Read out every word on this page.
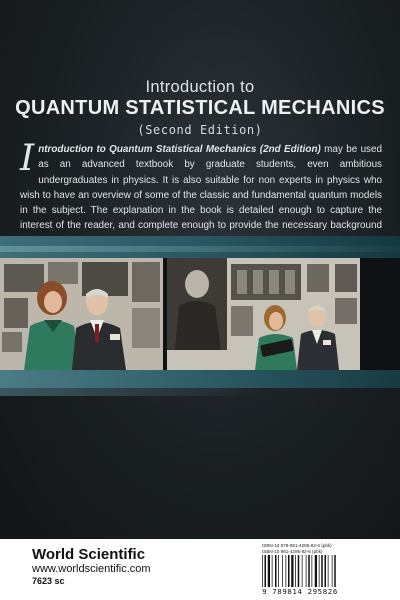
Introduction to
QUANTUM STATISTICAL MECHANICS
(Second Edition)

Introduction to Quantum Statistical Mechanics (2nd Edition) may be used as an advanced textbook by graduate students, even ambitious undergraduates in physics. It is also suitable for non experts in physics who wish to have an overview of some of the classic and fundamental quantum models in the subject. The explanation in the book is detailed enough to capture the interest of the reader, and complete enough to provide the necessary background

World Scientific
www.worldscientific.com
7623 sc
ISBN-13 978-981-4295-82-6 (pbk)
ISBN-10 981-4295-82-6 (pbk)
9 789814 295826
